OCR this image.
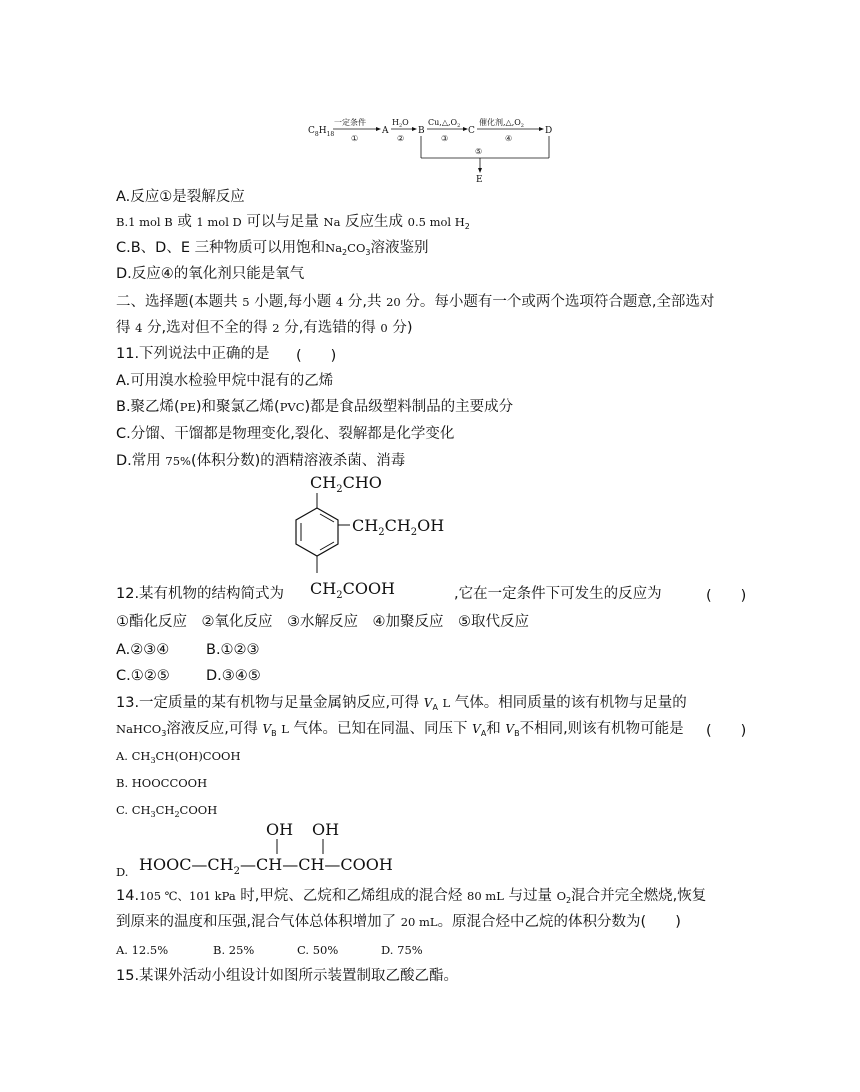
$C_8H_{18}$
一定条件
①
A
$H_2O$
②
B
$Cu,\triangle,O_2$
③
C
催化剂$,\triangle,O_2$
④
D
⑤
E
A.反应①是裂解反应
B.1 mol B 或 1 mol D 可以与足量 Na 反应生成 0.5 mol $H_2$
C.B、D、E 三种物质可以用饱和$Na_2CO_3$溶液鉴别
D.反应④的氧化剂只能是氧气
二、选择题(本题共 5 小题,每小题 4 分,共 20 分。每小题有一个或两个选项符合题意,全部选对
得 4 分,选对但不全的得 2 分,有选错的得 0 分)
11.下列说法中正确的是 (　　)
A.可用溴水检验甲烷中混有的乙烯
B.聚乙烯(PE)和聚氯乙烯(PVC)都是食品级塑料制品的主要成分
C.分馏、干馏都是物理变化,裂化、裂解都是化学变化
D.常用 75%(体积分数)的酒精溶液杀菌、消毒
$CH_2CHO$
$CH_2CH_2OH$
$CH_2COOH$
12.某有机物的结构简式为	,它在一定条件下可发生的反应为	(　　)
①酯化反应　②氧化反应　③水解反应　④加聚反应　⑤取代反应
A.②③④	B.①②③
C.①②⑤	D.③④⑤
13.一定质量的某有机物与足量金属钠反应,可得 $V_A$ L 气体。相同质量的该有机物与足量的
NaHCO$_3$溶液反应,可得 $V_B$ L 气体。已知在同温、同压下 $V_A$和 $V_B$不相同,则该有机物可能是 (　　)
A. $CH_3CH(OH)COOH$
B. HOOCCOOH
C. $CH_3CH_2COOH$
D.
OH OH
$HOOC—CH_2—CH—CH—COOH$
14.105 ℃、101 kPa 时,甲烷、乙烷和乙烯组成的混合烃 80 mL 与过量 $O_2$混合并完全燃烧,恢复
到原来的温度和压强,混合气体总体积增加了 20 mL。原混合烃中乙烷的体积分数为(　　)
A. 12.5%	B. 25%	C. 50%	D. 75%
15.某课外活动小组设计如图所示装置制取乙酸乙酯。
